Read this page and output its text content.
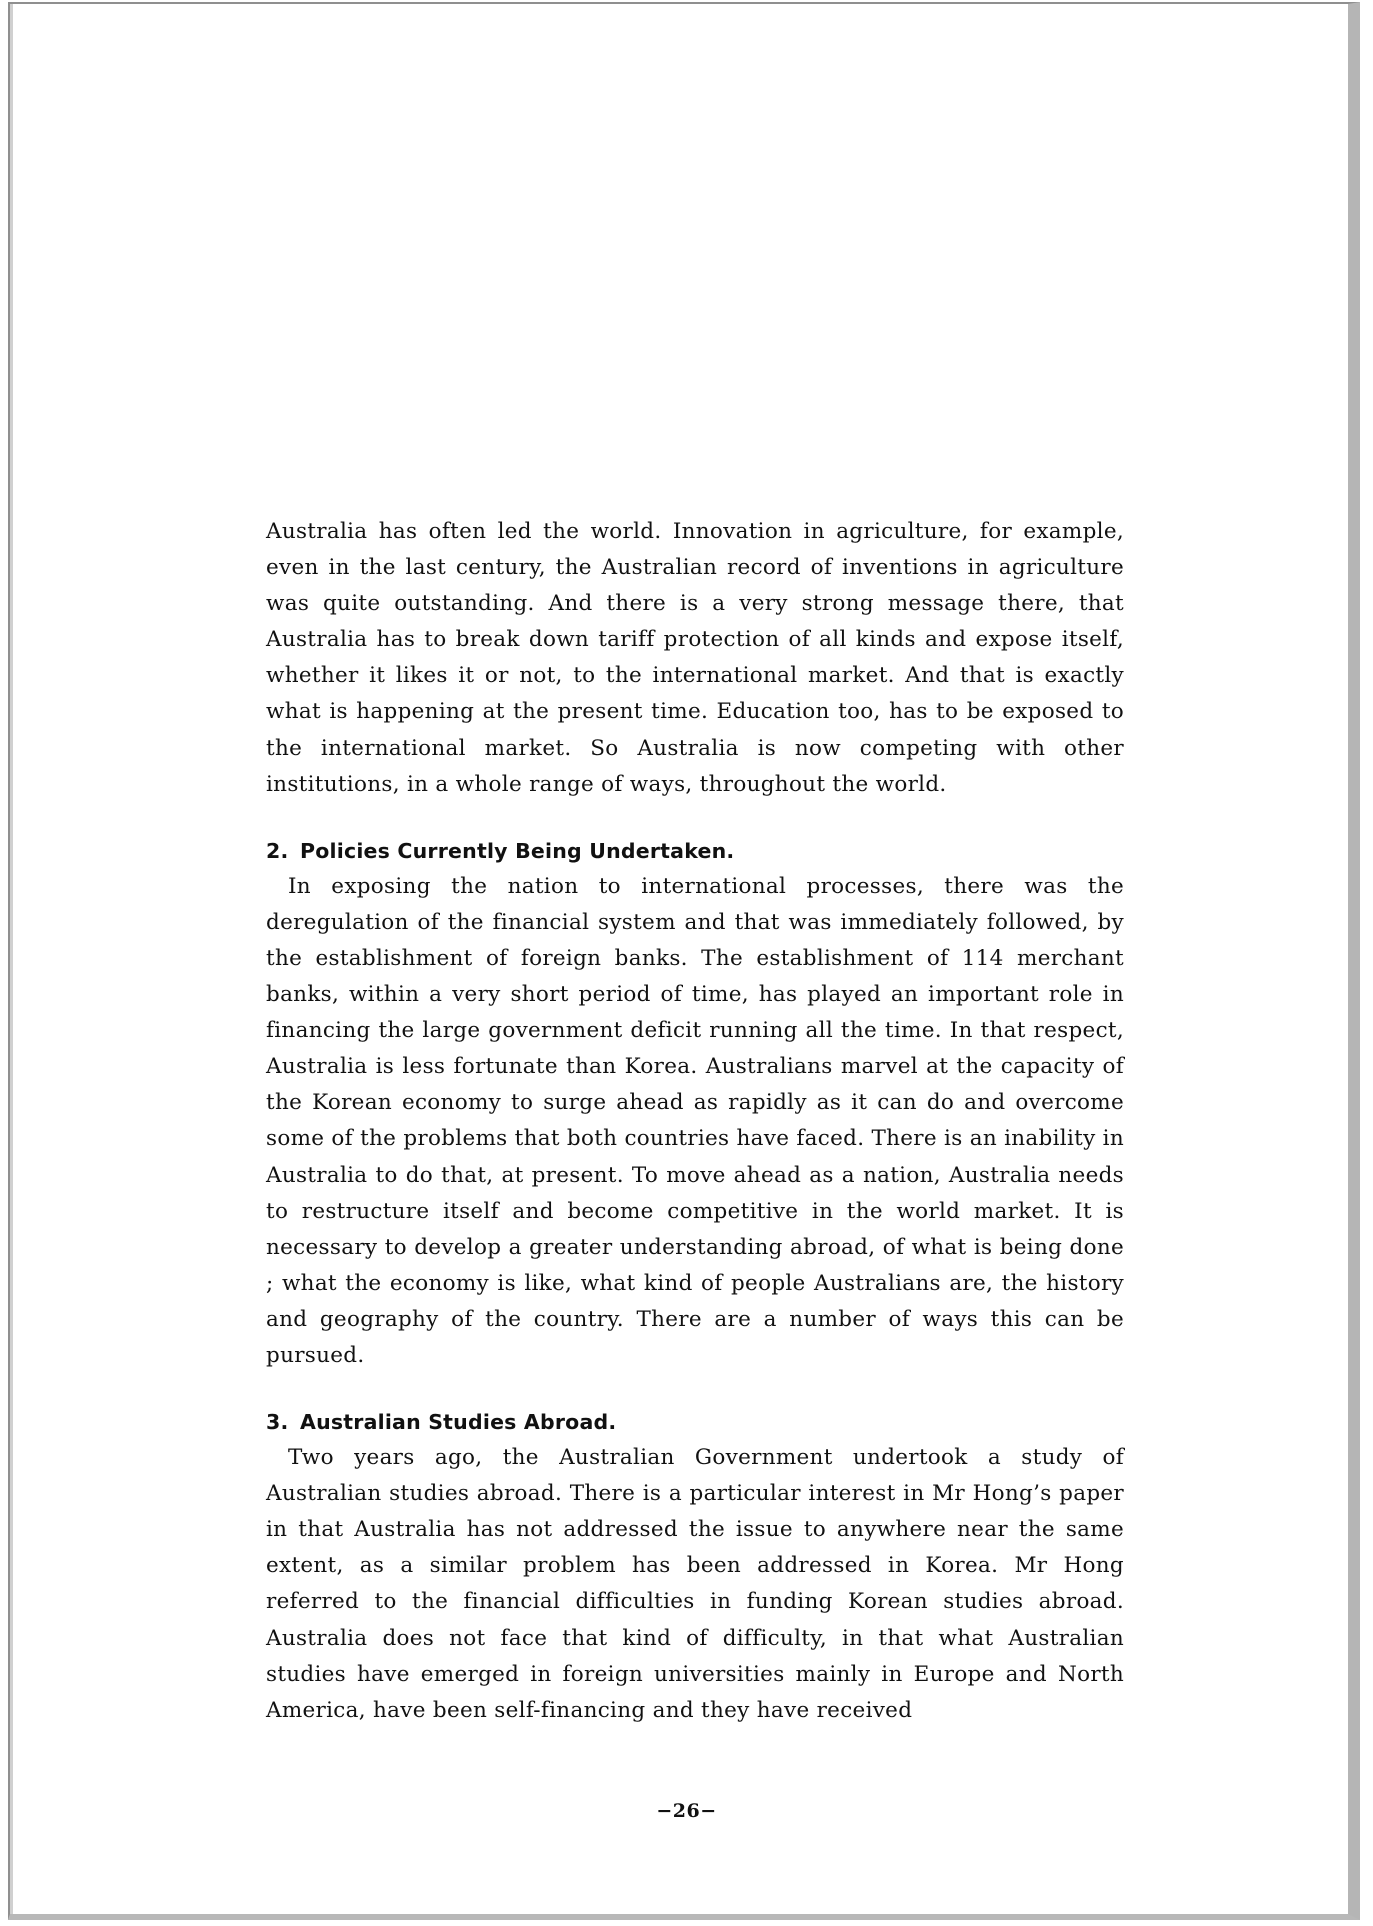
Australia has often led the world. Innovation in agriculture, for example, even in the last century, the Australian record of inventions in agriculture was quite outstanding. And there is a very strong message there, that Australia has to break down tariff protection of all kinds and expose itself, whether it likes it or not, to the international market. And that is exactly what is happening at the present time. Education too, has to be exposed to the international market. So Australia is now competing with other institutions, in a whole range of ways, throughout the world.

2. Policies Currently Being Undertaken.

In exposing the nation to international processes, there was the deregulation of the financial system and that was immediately followed, by the establishment of foreign banks. The establishment of 114 merchant banks, within a very short period of time, has played an important role in financing the large government deficit running all the time. In that respect, Australia is less fortunate than Korea. Australians marvel at the capacity of the Korean economy to surge ahead as rapidly as it can do and overcome some of the problems that both countries have faced. There is an inability in Australia to do that, at present. To move ahead as a nation, Australia needs to restructure itself and become competitive in the world market. It is necessary to develop a greater understanding abroad, of what is being done ; what the economy is like, what kind of people Australians are, the history and geography of the country. There are a number of ways this can be pursued.

3. Australian Studies Abroad.

Two years ago, the Australian Government undertook a study of Australian studies abroad. There is a particular interest in Mr Hong’s paper in that Australia has not addressed the issue to anywhere near the same extent, as a similar problem has been addressed in Korea. Mr Hong referred to the financial difficulties in funding Korean studies abroad. Australia does not face that kind of difficulty, in that what Australian studies have emerged in foreign universities mainly in Europe and North America, have been self-financing and they have received

−26−
